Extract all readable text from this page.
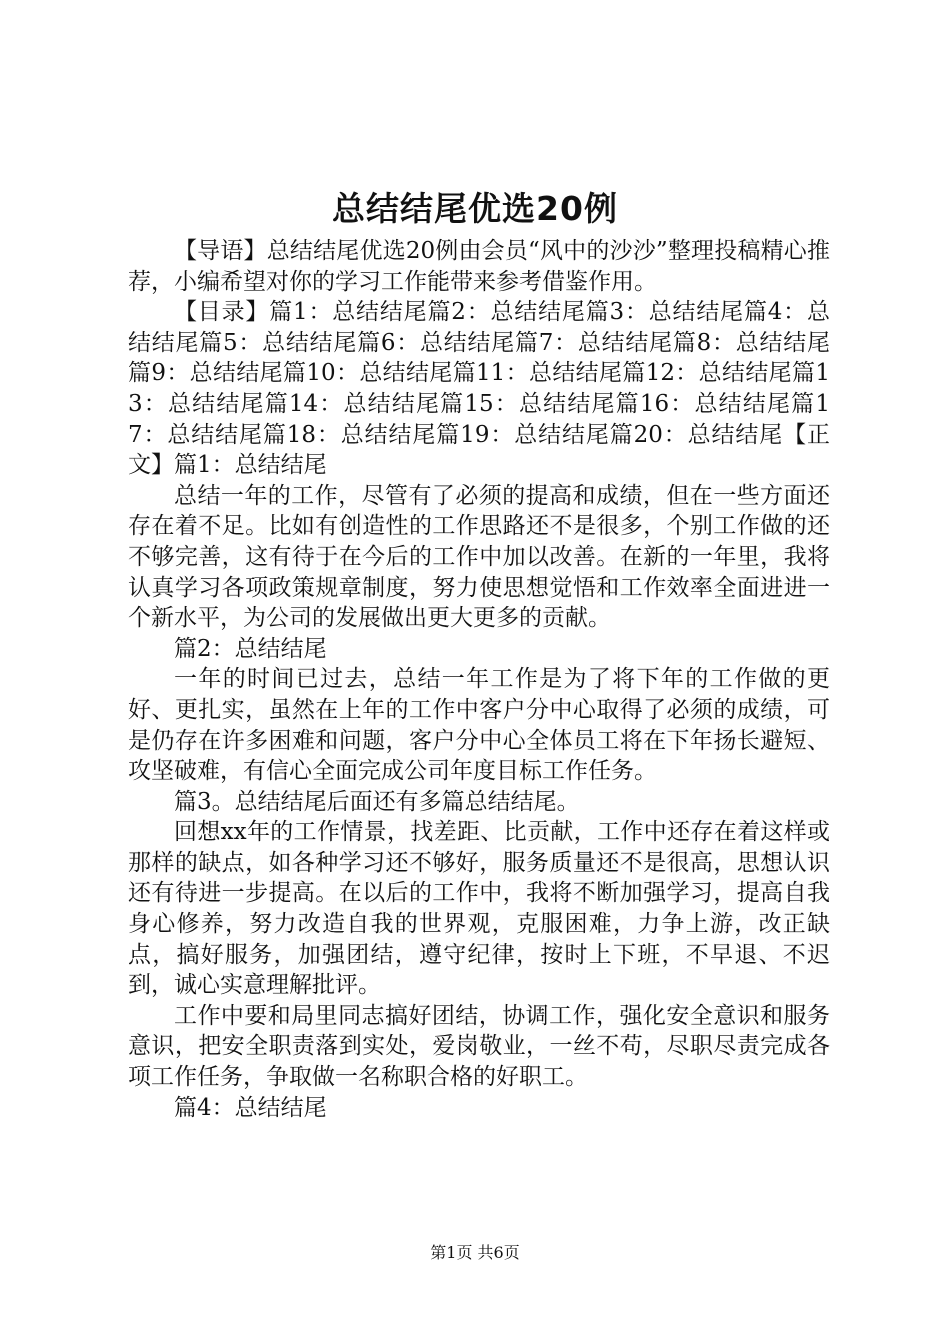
总结结尾优选20例

【导语】总结结尾优选20例由会员“风中的沙沙”整理投稿精心推荐，小编希望对你的学习工作能带来参考借鉴作用。

【目录】篇1：总结结尾篇2：总结结尾篇3：总结结尾篇4：总结结尾篇5：总结结尾篇6：总结结尾篇7：总结结尾篇8：总结结尾篇9：总结结尾篇10：总结结尾篇11：总结结尾篇12：总结结尾篇13：总结结尾篇14：总结结尾篇15：总结结尾篇16：总结结尾篇17：总结结尾篇18：总结结尾篇19：总结结尾篇20：总结结尾【正文】篇1：总结结尾

总结一年的工作，尽管有了必须的提高和成绩，但在一些方面还存在着不足。比如有创造性的工作思路还不是很多，个别工作做的还不够完善，这有待于在今后的工作中加以改善。在新的一年里，我将认真学习各项政策规章制度，努力使思想觉悟和工作效率全面进进一个新水平，为公司的发展做出更大更多的贡献。

篇2：总结结尾

一年的时间已过去，总结一年工作是为了将下年的工作做的更好、更扎实，虽然在上年的工作中客户分中心取得了必须的成绩，可是仍存在许多困难和问题，客户分中心全体员工将在下年扬长避短、攻坚破难，有信心全面完成公司年度目标工作任务。

篇3。总结结尾后面还有多篇总结结尾。

回想xx年的工作情景，找差距、比贡献，工作中还存在着这样或那样的缺点，如各种学习还不够好，服务质量还不是很高，思想认识还有待进一步提高。在以后的工作中，我将不断加强学习，提高自我身心修养，努力改造自我的世界观，克服困难，力争上游，改正缺点，搞好服务，加强团结，遵守纪律，按时上下班，不早退、不迟到，诚心实意理解批评。

工作中要和局里同志搞好团结，协调工作，强化安全意识和服务意识，把安全职责落到实处，爱岗敬业，一丝不苟，尽职尽责完成各项工作任务，争取做一名称职合格的好职工。

篇4：总结结尾

第1页 共6页
